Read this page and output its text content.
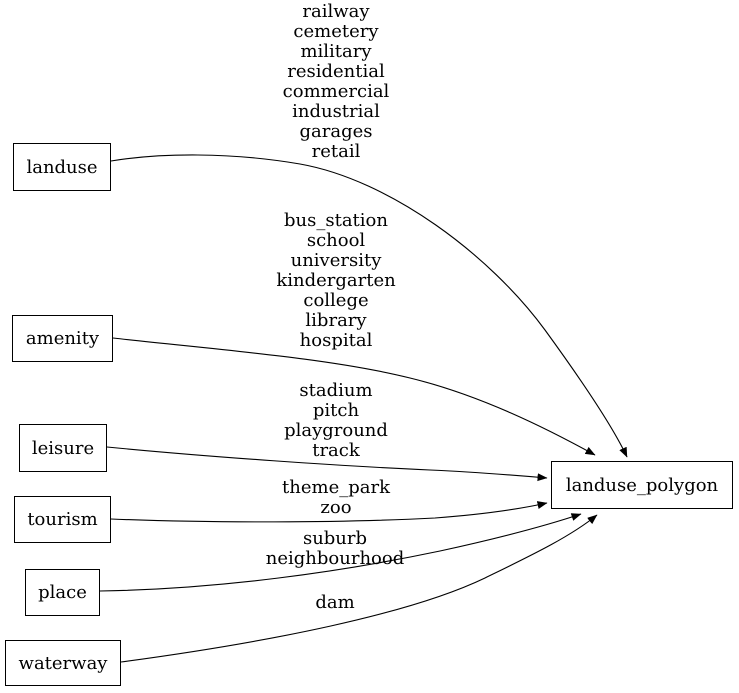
railway
cemetery
military
residential
commercial
industrial
garages
retail
bus_station
school
university
kindergarten
college
library
hospital
stadium
pitch
playground
track
theme_park
zoo
suburb
neighbourhood
dam
landuse
amenity
leisure
tourism
place
waterway
landuse_polygon
